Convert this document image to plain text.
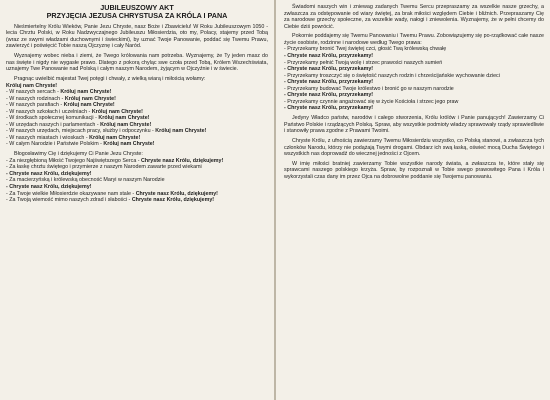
JUBILEUSZOWY AKT
PRZYJĘCIA JEZUSA CHRYSTUSA ZA KRÓLA I PANA

Nieśmiertelny Królu Wieków, Panie Jezu Chryste, nasz Boże i Zbawicielu! W Roku Jubileuszowym 1050 - lecia Chrztu Polski, w Roku Nadzwyczajnego Jubileuszu Miłosierdzia, oto my, Polacy, stajemy przed Tobą (wraz ze swymi władzami duchownymi i świeckimi), by uznać Twoje Panowanie, poddać się Twemu Prawu, zawierzyć i poświęcić Tobie naszą Ojczyznę i cały Naród.

Wyznajemy wobec nieba i ziemi, że Twego królowania nam potrzeba. Wyznajemy, że Ty jeden masz do nas święte i nigdy nie wygasłe prawo. Dlatego z pokorą chyląc swe czoła przed Tobą, Królem Wszechświata, uznajemy Twe Panowanie nad Polską i całym naszym Narodem, żyjącym w Ojczyźnie i w świecie.

Pragnąc uwielbić majestat Twej potęgi i chwały, z wielką wiarą i miłością wołamy:

Króluj nam Chryste!
- W naszych sercach - Króluj nam Chryste!
- W naszych rodzinach - Króluj nam Chryste!
- W naszych parafiach - Króluj nam Chryste!
- W naszych szkołach i uczelniach - Króluj nam Chryste!
- W środkach społecznej komunikacji - Króluj nam Chryste!
- W urzędach naszych i parlamentach - Króluj nam Chryste!
- W naszych urzędach, miejscach pracy, służby i odpoczynku - Króluj nam Chryste!
- W naszych miastach i wioskach - Króluj nam Chryste!
- W całym Narodzie i Państwie Polskim - Króluj nam Chryste!

Błogosławimy Cię i dziękujemy Ci Panie Jezu Chryste:

- Za niezgłębioną Miłość Twojego Najświętszego Serca - Chryste nasz Królu, dziękujemy!
- Za łaskę chrztu świętego i przymierze z naszym Narodem zawarte przed wiekami
- Chryste nasz Królu, dziękujemy!
- Za macierzyńską i królewską obecność Maryi w naszym Narodzie
- Chryste nasz Królu, dziękujemy!
- Za Twoje wielkie Miłosierdzie okazywane nam stale - Chryste nasz Królu, dziękujemy!
- Za Twoją wiemość mimo naszych zdrad i słabości - Chryste nasz Królu, dziękujemy!

Świadomi naszych win i zniewag zadanych Twemu Sercu przepraszamy za wszelkie nasze grzechy, a zwłaszcza za odstępowanie od wiary świętej, za brak miłości względem Ciebie i bliźnich. Przepraszamy Cię za narodowe grzechy społeczne, za wszelkie wady, nałogi i zniewolenia. Wyznajemy, że w pełni chcemy do Ciebie dziś powrócić.

Pokornie poddajemy się Twemu Panowaniu i Twemu Prawu. Zobowiązujemy się po-rządkować całe nasze życie osobiste, rodzinne i narodowe według Twego prawa:

- Przyrzekamy bronić Twej świętej czci, głosić Twą królewską chwałę
- Chryste nasz Królu, przyrzekamy!
- Przyrzekamy pełnić Twoją wolę i strzec prawości naszych sumień
- Chryste nasz Królu, przyrzekamy!
- Przyrzekamy troszczyć się o świętość naszych rodzin i chrześcijańskie wychowanie dzieci
- Chryste nasz Królu, przyrzekamy!
- Przyrzekamy budować Twoje królestwo i bronić go w naszym narodzie
- Chryste nasz Królu, przyrzekamy!
- Przyrzekamy czynnie angażować się w życie Kościoła i strzec jego praw
- Chryste nasz Królu, przyrzekamy!

Jedyny Władco państw, narodów i całego stworzenia, Królu królów i Panie panujących! Zawierzamy Ci Państwo Polskie i rządzących Polską. Spraw, aby wszystkie podmioty władzy sprawowały rządy sprawiedliwie i stanowiły prawa zgodne z Prawami Twoimi.

Chryste Królu, z ufnością zawierzamy Twemu Miłosierdziu wszystko, co Polską stanowi, a zwłaszcza tych członków Narodu, którzy nie podążają Twymi drogami. Obdarz ich swą łaską, oświeć mocą Ducha Świętego i wszystkich nas doprowadź do wiecznej jedności z Ojcem.

W imię miłości bratniej zawierzamy Tobie wszystkie narody świata, a zwłaszcza te, które stały się sprawcami naszego polskiego krzyża. Spraw, by rozpoznali w Tobie swego prawowitego Pana i Króla i wykorzystali czas dany im przez Ojca na dobrowolne poddanie się Twojemu panowaniu.
